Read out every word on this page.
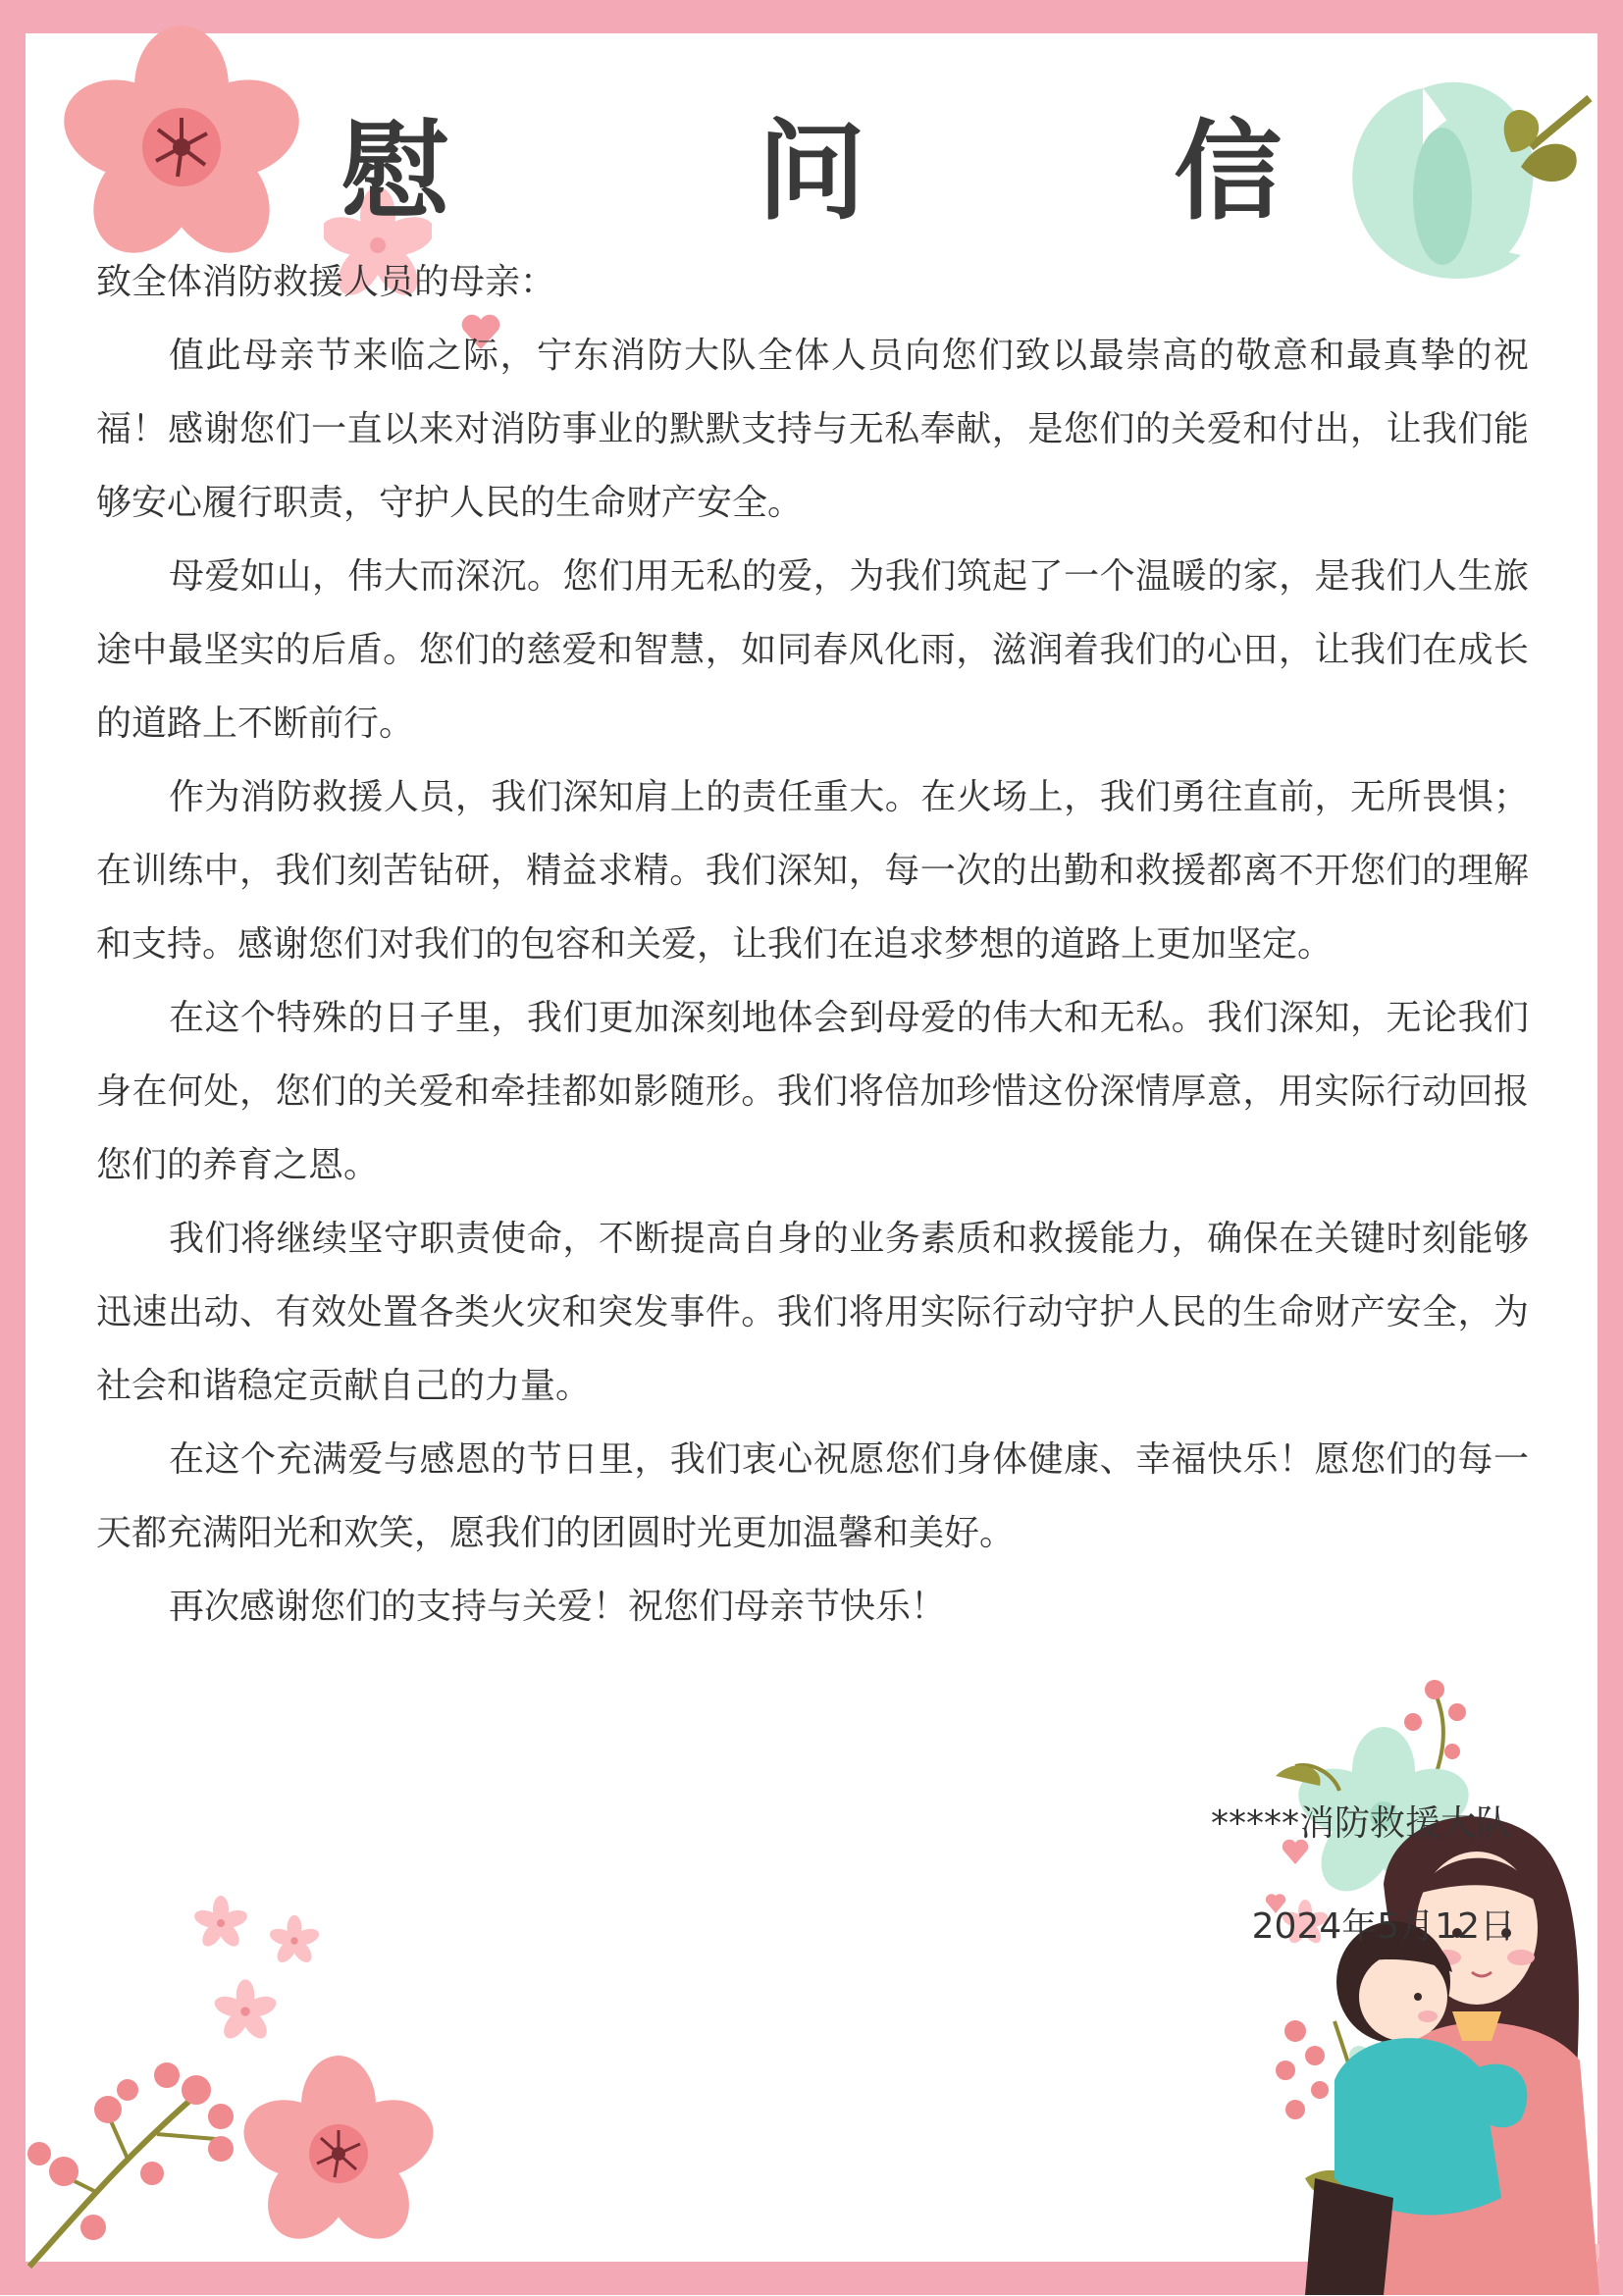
慰 问 信

致全体消防救援人员的母亲：

值此母亲节来临之际，宁东消防大队全体人员向您们致以最崇高的敬意和最真挚的祝福！感谢您们一直以来对消防事业的默默支持与无私奉献，是您们的关爱和付出，让我们能够安心履行职责，守护人民的生命财产安全。

母爱如山，伟大而深沉。您们用无私的爱，为我们筑起了一个温暖的家，是我们人生旅途中最坚实的后盾。您们的慈爱和智慧，如同春风化雨，滋润着我们的心田，让我们在成长的道路上不断前行。

作为消防救援人员，我们深知肩上的责任重大。在火场上，我们勇往直前，无所畏惧；在训练中，我们刻苦钻研，精益求精。我们深知，每一次的出勤和救援都离不开您们的理解和支持。感谢您们对我们的包容和关爱，让我们在追求梦想的道路上更加坚定。

在这个特殊的日子里，我们更加深刻地体会到母爱的伟大和无私。我们深知，无论我们身在何处，您们的关爱和牵挂都如影随形。我们将倍加珍惜这份深情厚意，用实际行动回报您们的养育之恩。

我们将继续坚守职责使命，不断提高自身的业务素质和救援能力，确保在关键时刻能够迅速出动、有效处置各类火灾和突发事件。我们将用实际行动守护人民的生命财产安全，为社会和谐稳定贡献自己的力量。

在这个充满爱与感恩的节日里，我们衷心祝愿您们身体健康、幸福快乐！愿您们的每一天都充满阳光和欢笑，愿我们的团圆时光更加温馨和美好。

再次感谢您们的支持与关爱！祝您们母亲节快乐！

*****消防救援大队
2024年5月12日
